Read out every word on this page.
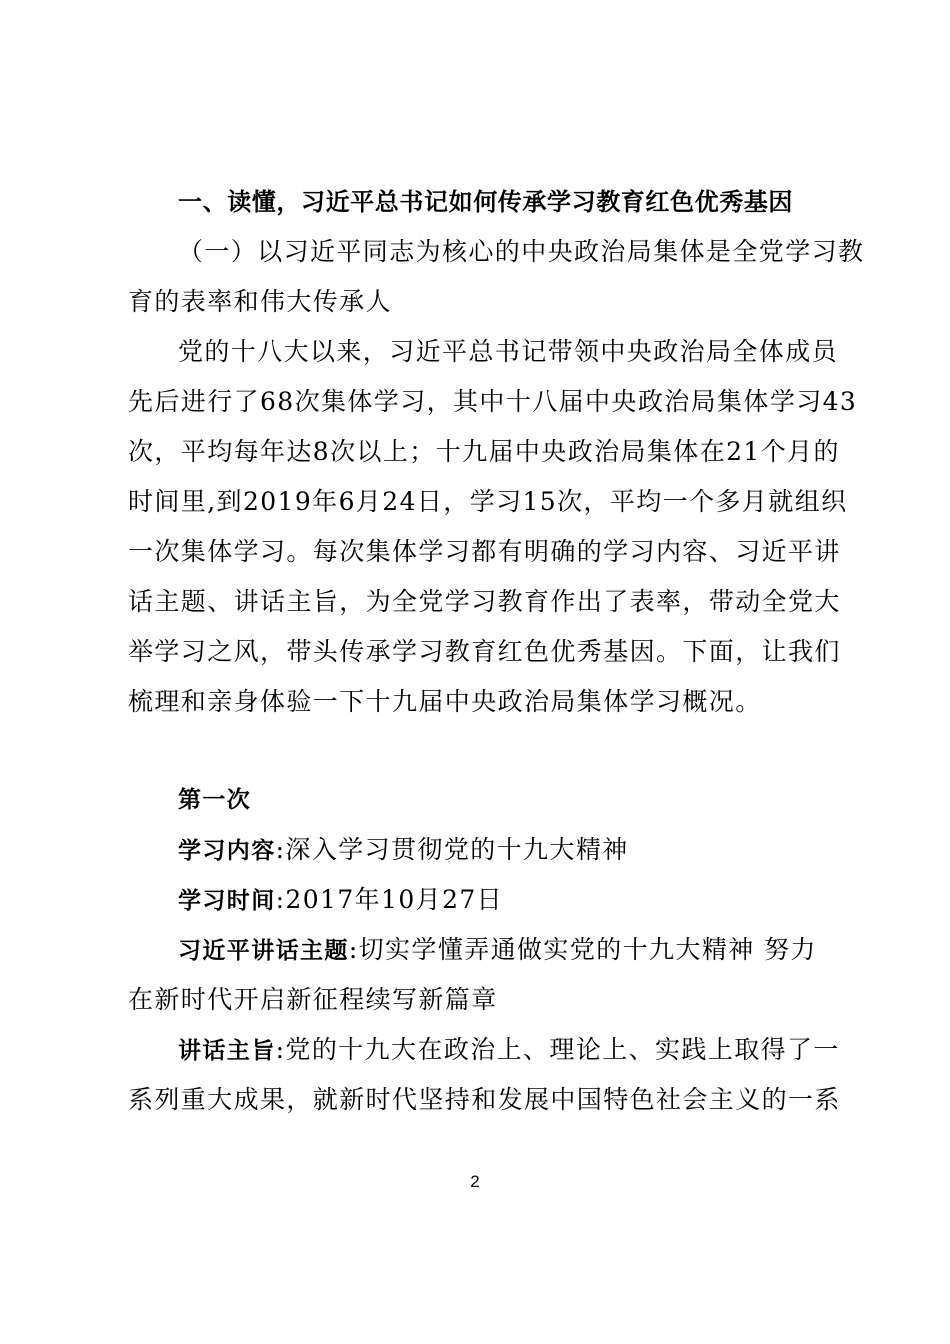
一、读懂，习近平总书记如何传承学习教育红色优秀基因
（一）以习近平同志为核心的中央政治局集体是全党学习教
育的表率和伟大传承人
党的十八大以来，习近平总书记带领中央政治局全体成员
先后进行了68次集体学习，其中十八届中央政治局集体学习43
次，平均每年达8次以上；十九届中央政治局集体在21个月的
时间里,到2019年6月24日，学习15次，平均一个多月就组织
一次集体学习。每次集体学习都有明确的学习内容、习近平讲
话主题、讲话主旨，为全党学习教育作出了表率，带动全党大
举学习之风，带头传承学习教育红色优秀基因。下面，让我们
梳理和亲身体验一下十九届中央政治局集体学习概况。
第一次
学习内容:深入学习贯彻党的十九大精神
学习时间:2017年10月27日
习近平讲话主题:切实学懂弄通做实党的十九大精神 努力
在新时代开启新征程续写新篇章
讲话主旨:党的十九大在政治上、理论上、实践上取得了一
系列重大成果，就新时代坚持和发展中国特色社会主义的一系
2
